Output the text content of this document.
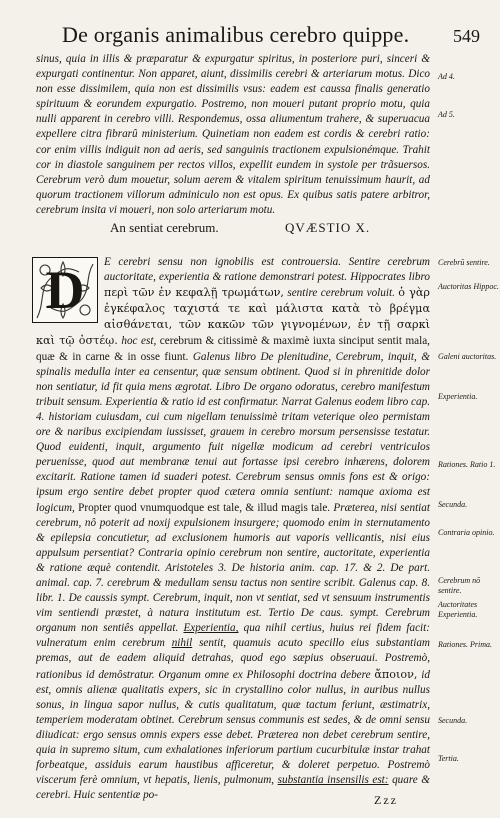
De organis animalibus cerebro quippe.	549

sinus, quia in illis & præparatur & expurgatur spiritus, in posteriore puri, sinceri & expurgati continentur. Non apparet, aiunt, dissimilis cerebri & arteriarum motus. Dico non esse dissimilem, quia non est dissimilis vsus: eadem est caussa finalis generatio spirituum & eorundem expurgatio. Postremo, non moueri putant proprio motu, quia nulli apparent in cerebro villi. Respondemus, ossa aliumentum trahere, & superuacua expellere citra fibrarû ministerium. Quinetiam non eadem est cordis & cerebri ratio: cor enim villis indiguit non ad aeris, sed sanguinis tractionem expulsionémque. Trahit cor in diastole sanguinem per rectos villos, expellit eundem in systole per trãsuersos. Cerebrum verò dum mouetur, solum aerem & vitalem spiritum tenuissimum haurit, ad quorum tractionem villorum adminiculo non est opus. Ex quibus satis patere arbitror, cerebrum insita vi moueri, non solo arteriarum motu.

An sentiat cerebrum.	QVÆSTIO X.
D	E cerebri sensu non ignobilis est controuersia. Sentire cerebrum auctoritate, experientia & ratione demonstrari potest. Hippocrates libro περὶ τῶν ἐν κεφαλῇ τρωμάτων, sentire cerebrum voluit. ὁ γὰρ ἐγκέφαλος ταχιστά τε καὶ μάλιστα κατὰ τὸ βρέγμα αἰσθάνεται, τῶν κακῶν τῶν γιγνομένων, ἐν τῇ σαρκὶ καὶ τῷ ὀστέῳ. hoc est, cerebrum & citissimè & maximè iuxta sinciput sentit mala, quæ & in carne & in osse fiunt. Galenus libro De plenitudine, Cerebrum, inquit, & spinalis medulla inter ea censentur, quæ sensum obtinent. Quod si in phrenitide dolor non sentiatur, id fit quia mens ægrotat. Libro De organo odoratus, cerebro manifestum tribuit sensum. Experientia & ratio id est confirmatur. Narrat Galenus eodem libro cap. 4. historiam cuiusdam, cui cum nigellam tenuissimè tritam veterique oleo permistam ore & naribus excipiendam iussisset, grauem in cerebro morsum persensisse testatur. Quod euidenti, inquit, argumento fuit nigellæ modicum ad cerebri ventriculos peruenisse, quod aut membranæ tenui aut fortasse ipsi cerebro inhærens, dolorem excitarit. Ratione tamen id suaderi potest. Cerebrum sensus omnis fons est & origo: ipsum ergo sentire debet propter quod cætera omnia sentiunt: namque axioma est logicum, Propter quod vnumquodque est tale, & illud magis tale. Præterea, nisi sentiat cerebrum, nô poterit ad noxij expulsionem insurgere; quomodo enim in sternutamento & epilepsia concutietur, ad exclusionem humoris aut vaporis vellicantis, nisi eius appulsum persentiat? Contraria opinio cerebrum non sentire, auctoritate, experientia & ratione æquè contendit. Aristoteles 3. De historia anim. cap. 17. & 2. De part. animal. cap. 7. cerebrum & medullam sensu tactus non sentire scribit. Galenus cap. 8. libr. 1. De caussis sympt. Cerebrum, inquit, non vt sentiat, sed vt sensuum instrumentis vim sentiendi præstet, à natura institutum est. Tertio De caus. sympt. Cerebrum organum non sentiês appellat. Experientia, qua nihil certius, huius rei fidem facit: vulneratum enim cerebrum nihil sentit, quamuis acuto specillo eius substantiam premas, aut de eadem aliquid detrahas, quod ego sæpius obseruaui. Postremò, rationibus id demôstratur. Organum omne ex Philosophi doctrina debere ἄποιον, id est, omnis alienæ qualitatis expers, sic in crystallino color nullus, in auribus nullus sonus, in lingua sapor nullus, & cutis qualitatum, quæ tactum feriunt, æstimatrix, temperiem moderatam obtinet. Cerebrum sensus communis est sedes, & de omni sensu diiudicat: ergo sensus omnis expers esse debet. Præterea non debet cerebrum sentire, quia in supremo situm, cum exhalationes inferiorum partium cucurbitulæ instar trahat forbeatque, assiduis earum haustibus afficeretur, & doleret perpetuo. Postremò viscerum ferè omnium, vt hepatis, lienis, pulmonum, substantia insensilis est: quare & cerebri. Huic sententiæ po-

Ad 4.
Ad 5.
Cerebrũ sentire.
Auctoritas Hippoc.
Galeni auctoritas.
Experientia.
Rationes. Ratio 1.
Secunda.
Contraria opinio.
Cerebrum nõ sentire.
Auctoritates
Experientia.
Rationes. Prima.
Secunda.
Tertia.
Zzz
